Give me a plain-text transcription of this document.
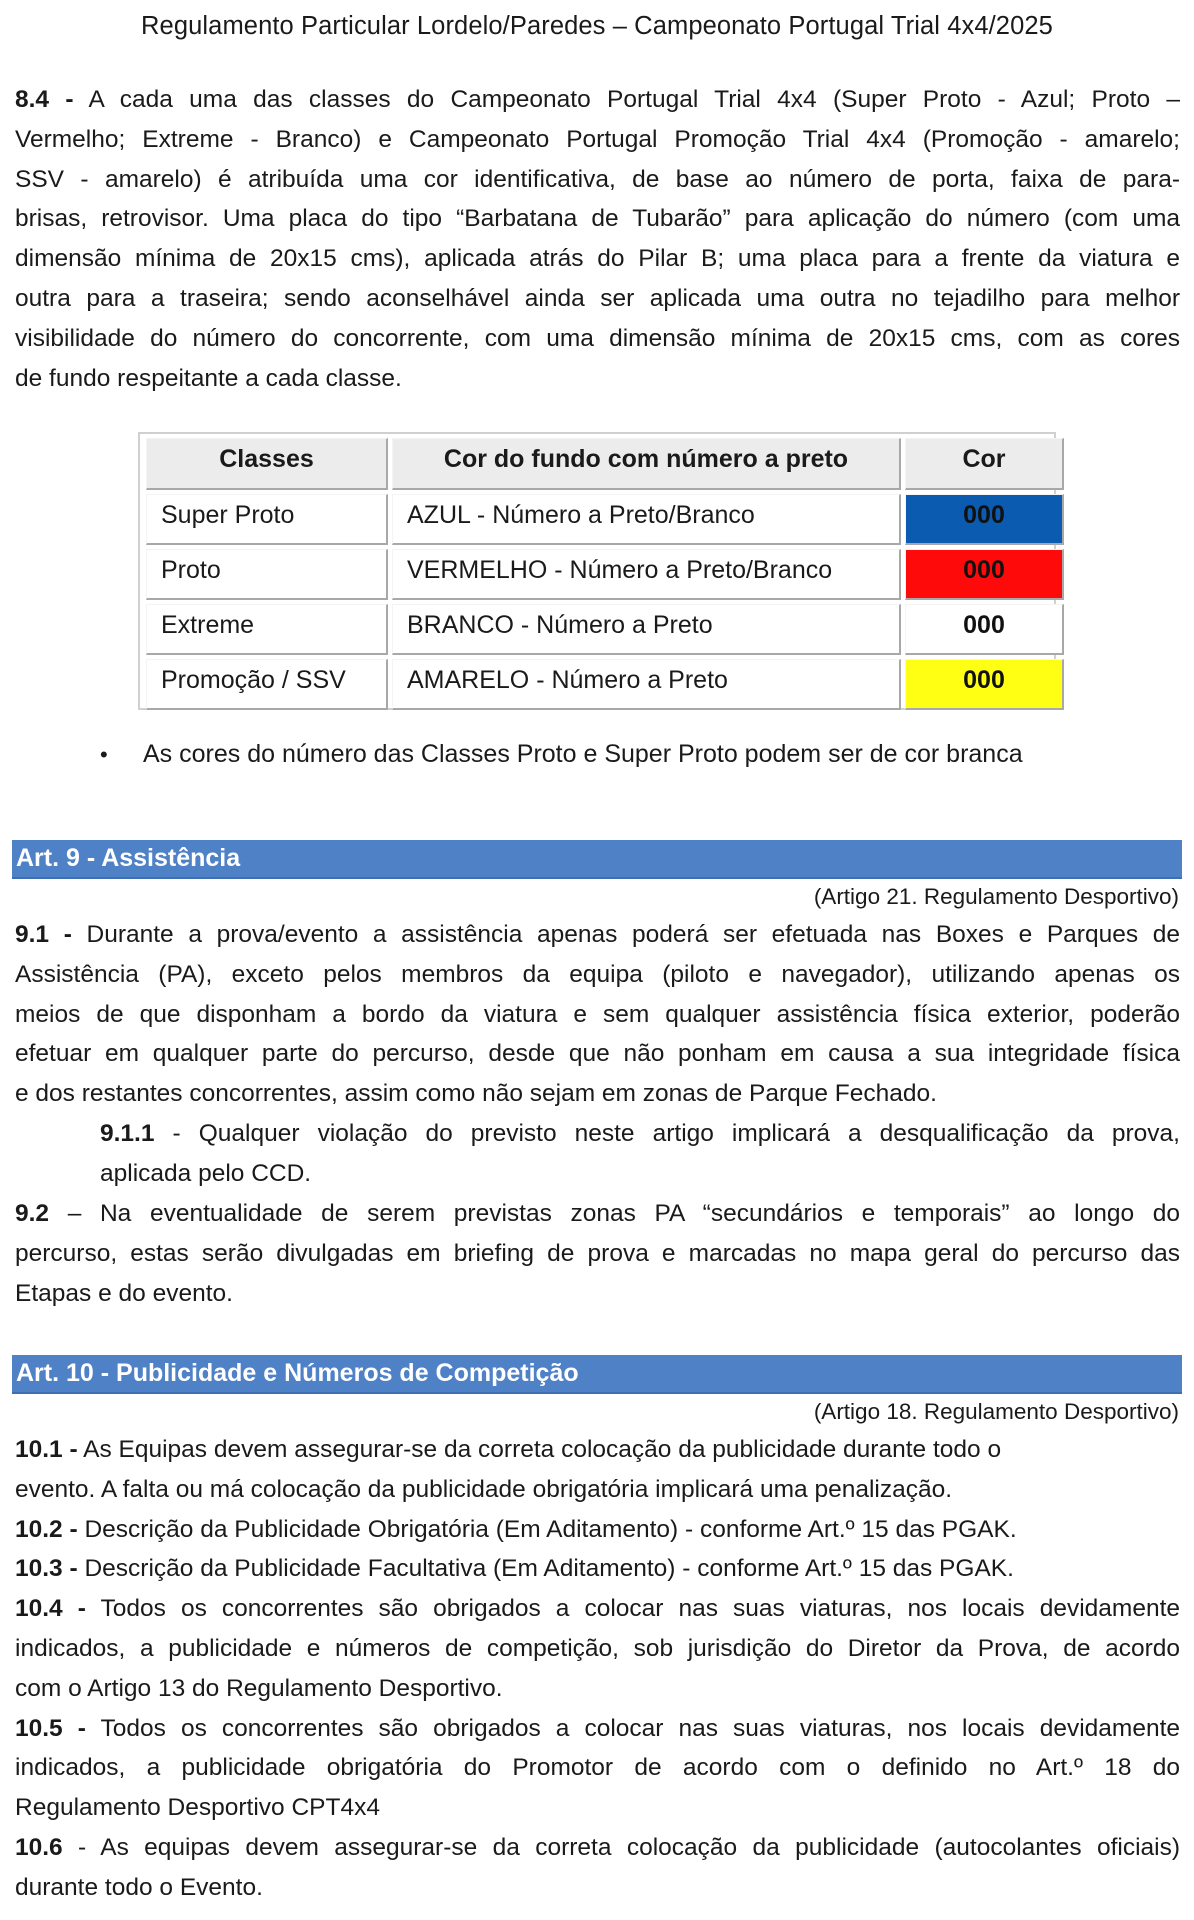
Regulamento Particular Lordelo/Paredes – Campeonato Portugal Trial 4x4/2025
8.4 - A cada uma das classes do Campeonato Portugal Trial 4x4 (Super Proto - Azul; Proto –
Vermelho; Extreme - Branco) e Campeonato Portugal Promoção Trial 4x4 (Promoção - amarelo;
SSV - amarelo) é atribuída uma cor identificativa, de base ao número de porta, faixa de para-
brisas, retrovisor. Uma placa do tipo “Barbatana de Tubarão” para aplicação do número (com uma
dimensão mínima de 20x15 cms), aplicada atrás do Pilar B; uma placa para a frente da viatura e
outra para a traseira; sendo aconselhável ainda ser aplicada uma outra no tejadilho para melhor
visibilidade do número do concorrente, com uma dimensão mínima de 20x15 cms, com as cores
de fundo respeitante a cada classe.
Classes	Cor do fundo com número a preto	Cor
Super Proto	AZUL - Número a Preto/Branco	000
Proto	VERMELHO - Número a Preto/Branco	000
Extreme	BRANCO - Número a Preto	000
Promoção / SSV	AMARELO - Número a Preto	000
• As cores do número das Classes Proto e Super Proto podem ser de cor branca
Art. 9 - Assistência
(Artigo 21. Regulamento Desportivo)
9.1 - Durante a prova/evento a assistência apenas poderá ser efetuada nas Boxes e Parques de
Assistência (PA), exceto pelos membros da equipa (piloto e navegador), utilizando apenas os
meios de que disponham a bordo da viatura e sem qualquer assistência física exterior, poderão
efetuar em qualquer parte do percurso, desde que não ponham em causa a sua integridade física
e dos restantes concorrentes, assim como não sejam em zonas de Parque Fechado.
9.1.1 - Qualquer violação do previsto neste artigo implicará a desqualificação da prova,
aplicada pelo CCD.
9.2 – Na eventualidade de serem previstas zonas PA “secundários e temporais” ao longo do
percurso, estas serão divulgadas em briefing de prova e marcadas no mapa geral do percurso das
Etapas e do evento.
Art. 10 - Publicidade e Números de Competição
(Artigo 18. Regulamento Desportivo)
10.1 - As Equipas devem assegurar-se da correta colocação da publicidade durante todo o
evento. A falta ou má colocação da publicidade obrigatória implicará uma penalização.
10.2 - Descrição da Publicidade Obrigatória (Em Aditamento) - conforme Art.º 15 das PGAK.
10.3 - Descrição da Publicidade Facultativa (Em Aditamento) - conforme Art.º 15 das PGAK.
10.4 - Todos os concorrentes são obrigados a colocar nas suas viaturas, nos locais devidamente
indicados, a publicidade e números de competição, sob jurisdição do Diretor da Prova, de acordo
com o Artigo 13 do Regulamento Desportivo.
10.5 - Todos os concorrentes são obrigados a colocar nas suas viaturas, nos locais devidamente
indicados, a publicidade obrigatória do Promotor de acordo com o definido no Art.º 18 do
Regulamento Desportivo CPT4x4
10.6 - As equipas devem assegurar-se da correta colocação da publicidade (autocolantes oficiais)
durante todo o Evento.
